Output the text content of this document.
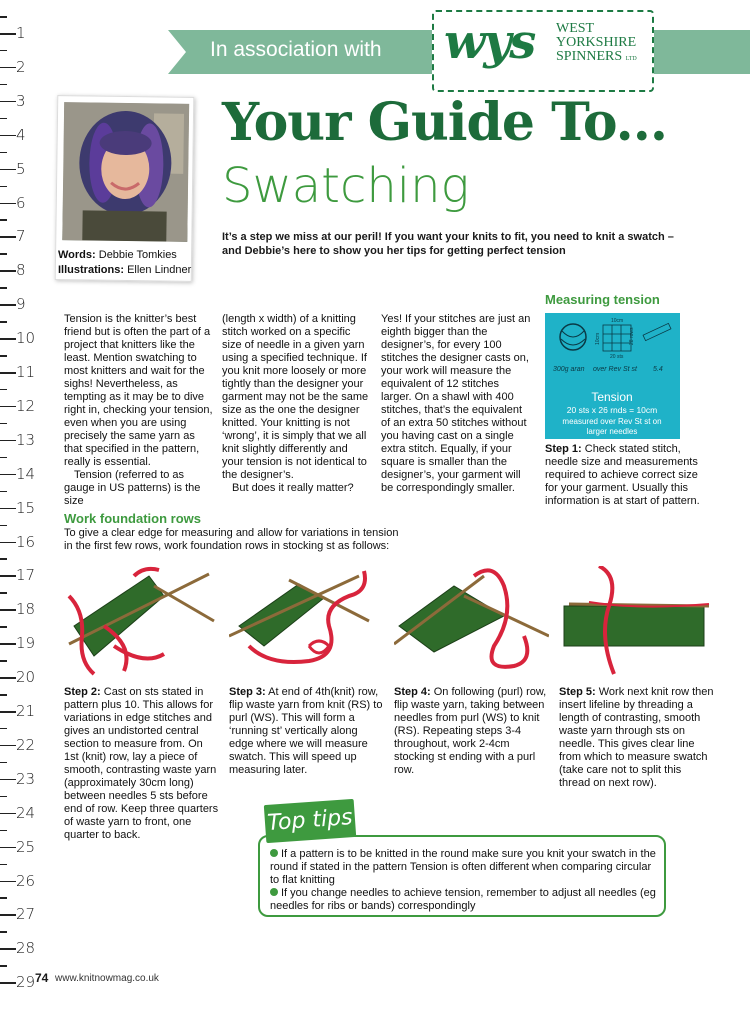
1
2
3
4
5
6
7
8
9
10
11
12
13
14
15
16
17
18
19
20
21
22
23
24
25
26
27
28
29
In association with wys WEST
YORKSHIRE
SPINNERS LTD
Words: Debbie Tomkies
Illustrations: Ellen Lindner
Your Guide To...
Swatching
It’s a step we miss at our peril! If you want your knits to fit, you need to knit a swatch – and Debbie’s here to show you her tips for getting perfect tension

Tension is the knitter’s best friend but is often the part of a project that knitters like the least. Mention swatching to most knitters and wait for the sighs! Nevertheless, as tempting as it may be to dive right in, checking your tension, even when you are using precisely the same yarn as that specified in the pattern, really is essential.

Tension (referred to as gauge in US patterns) is the size

(length x width) of a knitting stitch worked on a specific size of needle in a given yarn using a specified technique. If you knit more loosely or more tightly than the designer your garment may not be the same size as the one the designer knitted. Your knitting is not ‘wrong’, it is simply that we all knit slightly differently and your tension is not identical to the designer’s.

But does it really matter?

Yes! If your stitches are just an eighth bigger than the designer’s, for every 100 stitches the designer casts on, your work will measure the equivalent of 12 stitches larger. On a shawl with 400 stitches, that’s the equivalent of an extra 50 stitches without you having cast on a single extra stitch. Equally, if your square is smaller than the designer’s, your garment will be correspondingly smaller.

Measuring tension
10cm
10cm	28 rows
20 sts
300g aran over Rev St st 5.4
Tension
20 sts x 26 rnds = 10cm
measured over Rev St st on
larger needles
Step 1: Check stated stitch, needle size and measurements required to achieve correct size for your garment. Usually this information is at start of pattern.
Work foundation rows
To give a clear edge for measuring and allow for variations in tension in the first few rows, work foundation rows in stocking st as follows:
Step 2: Cast on sts stated in pattern plus 10. This allows for variations in edge stitches and gives an undistorted central section to measure from. On 1st (knit) row, lay a piece of smooth, contrasting waste yarn (approximately 30cm long) between needles 5 sts before end of row. Keep three quarters of waste yarn to front, one quarter to back.
Step 3: At end of 4th(knit) row, flip waste yarn from knit (RS) to purl (WS). This will form a ‘running st’ vertically along edge where we will measure swatch. This will speed up measuring later.
Step 4: On following (purl) row, flip waste yarn, taking between needles from purl (WS) to knit (RS). Repeating steps 3-4 throughout, work 2-4cm stocking st ending with a purl row.
Step 5: Work next knit row then insert lifeline by threading a length of contrasting, smooth waste yarn through sts on needle. This gives clear line from which to measure swatch (take care not to split this thread on next row).
Top tips
If a pattern is to be knitted in the round make sure you knit your swatch in the round if stated in the pattern Tension is often different when comparing circular to flat knitting
If you change needles to achieve tension, remember to adjust all needles (eg needles for ribs or bands) correspondingly
74 www.knitnowmag.co.uk
